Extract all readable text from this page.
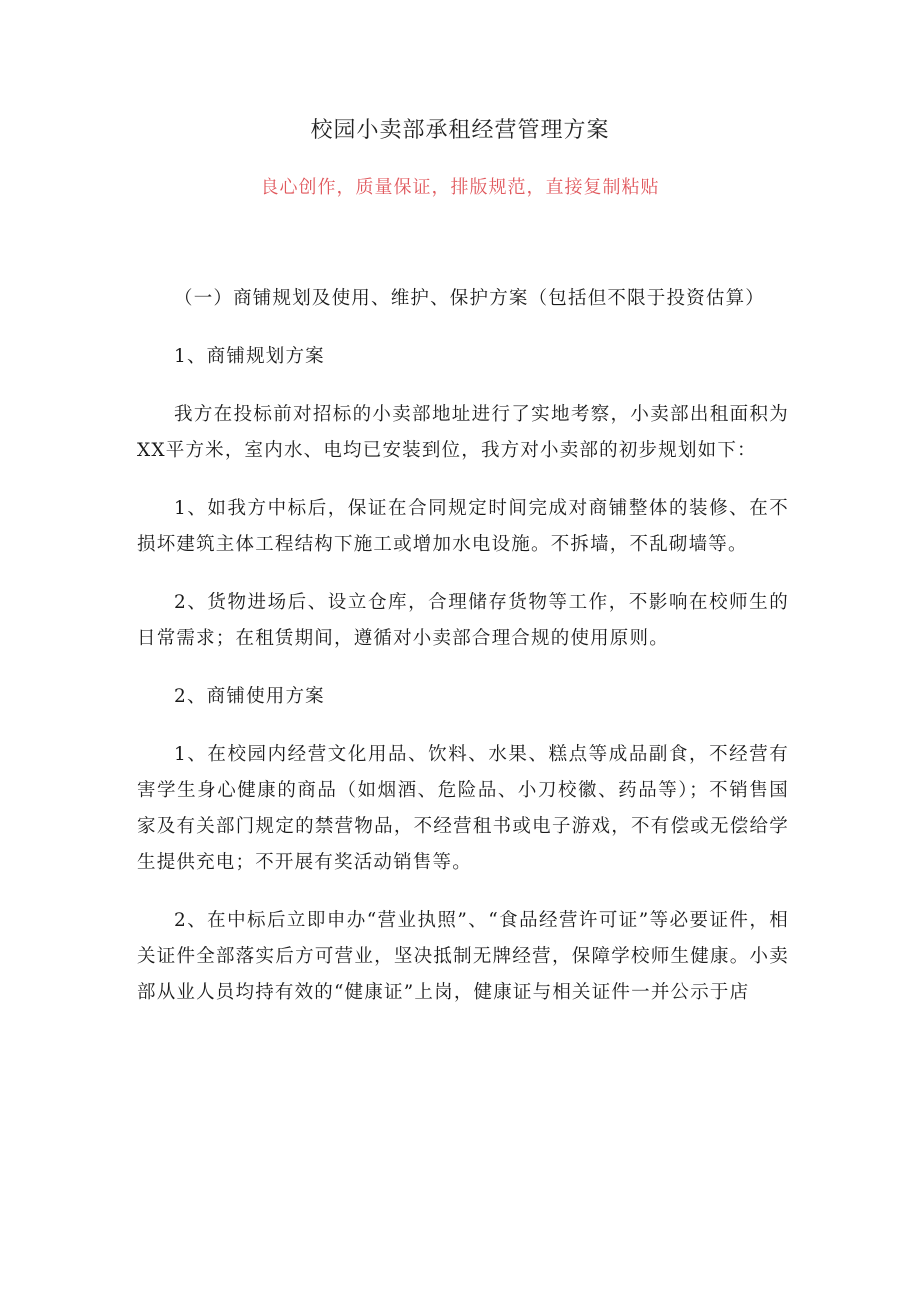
校园小卖部承租经营管理方案
良心创作，质量保证，排版规范，直接复制粘贴

（一）商铺规划及使用、维护、保护方案（包括但不限于投资估算）

1、商铺规划方案

我方在投标前对招标的小卖部地址进行了实地考察，小卖部出租面积为XX平方米，室内水、电均已安装到位，我方对小卖部的初步规划如下：

1、如我方中标后，保证在合同规定时间完成对商铺整体的装修、在不损坏建筑主体工程结构下施工或增加水电设施。不拆墙，不乱砌墙等。

2、货物进场后、设立仓库，合理储存货物等工作，不影响在校师生的日常需求；在租赁期间，遵循对小卖部合理合规的使用原则。

2、商铺使用方案

1、在校园内经营文化用品、饮料、水果、糕点等成品副食，不经营有害学生身心健康的商品（如烟酒、危险品、小刀校徽、药品等）；不销售国家及有关部门规定的禁营物品，不经营租书或电子游戏，不有偿或无偿给学生提供充电；不开展有奖活动销售等。

2、在中标后立即申办“营业执照”、“食品经营许可证”等必要证件，相关证件全部落实后方可营业，坚决抵制无牌经营，保障学校师生健康。小卖部从业人员均持有效的“健康证”上岗，健康证与相关证件一并公示于店
